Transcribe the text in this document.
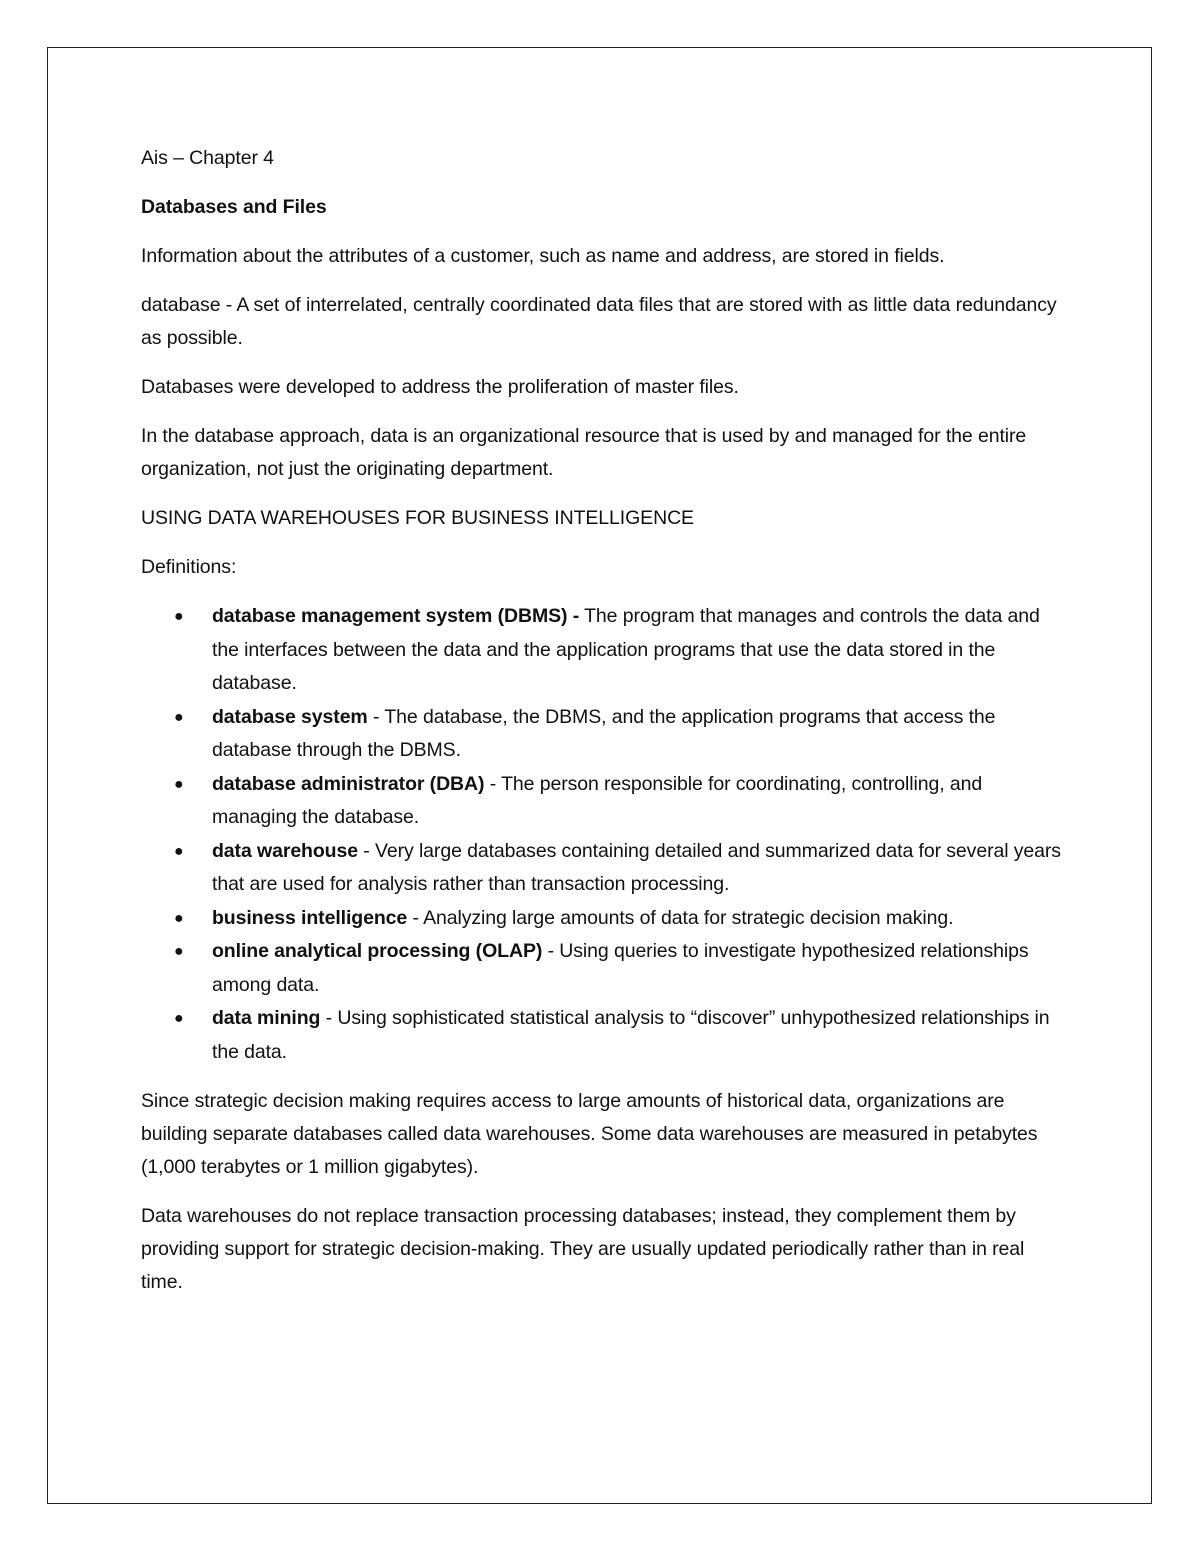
Ais – Chapter 4

Databases and Files

Information about the attributes of a customer, such as name and address, are stored in fields.

database - A set of interrelated, centrally coordinated data files that are stored with as little data redundancy as possible.

Databases were developed to address the proliferation of master files.

In the database approach, data is an organizational resource that is used by and managed for the entire organization, not just the originating department.

USING DATA WAREHOUSES FOR BUSINESS INTELLIGENCE

Definitions:

● database management system (DBMS) - The program that manages and controls the data and the interfaces between the data and the application programs that use the data stored in the database.
● database system - The database, the DBMS, and the application programs that access the database through the DBMS.
● database administrator (DBA) - The person responsible for coordinating, controlling, and managing the database.
● data warehouse - Very large databases containing detailed and summarized data for several years that are used for analysis rather than transaction processing.
● business intelligence - Analyzing large amounts of data for strategic decision making.
● online analytical processing (OLAP) - Using queries to investigate hypothesized relationships among data.
● data mining - Using sophisticated statistical analysis to “discover” unhypothesized relationships in the data.

Since strategic decision making requires access to large amounts of historical data, organizations are building separate databases called data warehouses. Some data warehouses are measured in petabytes (1,000 terabytes or 1 million gigabytes).

Data warehouses do not replace transaction processing databases; instead, they complement them by providing support for strategic decision-making. They are usually updated periodically rather than in real time.
